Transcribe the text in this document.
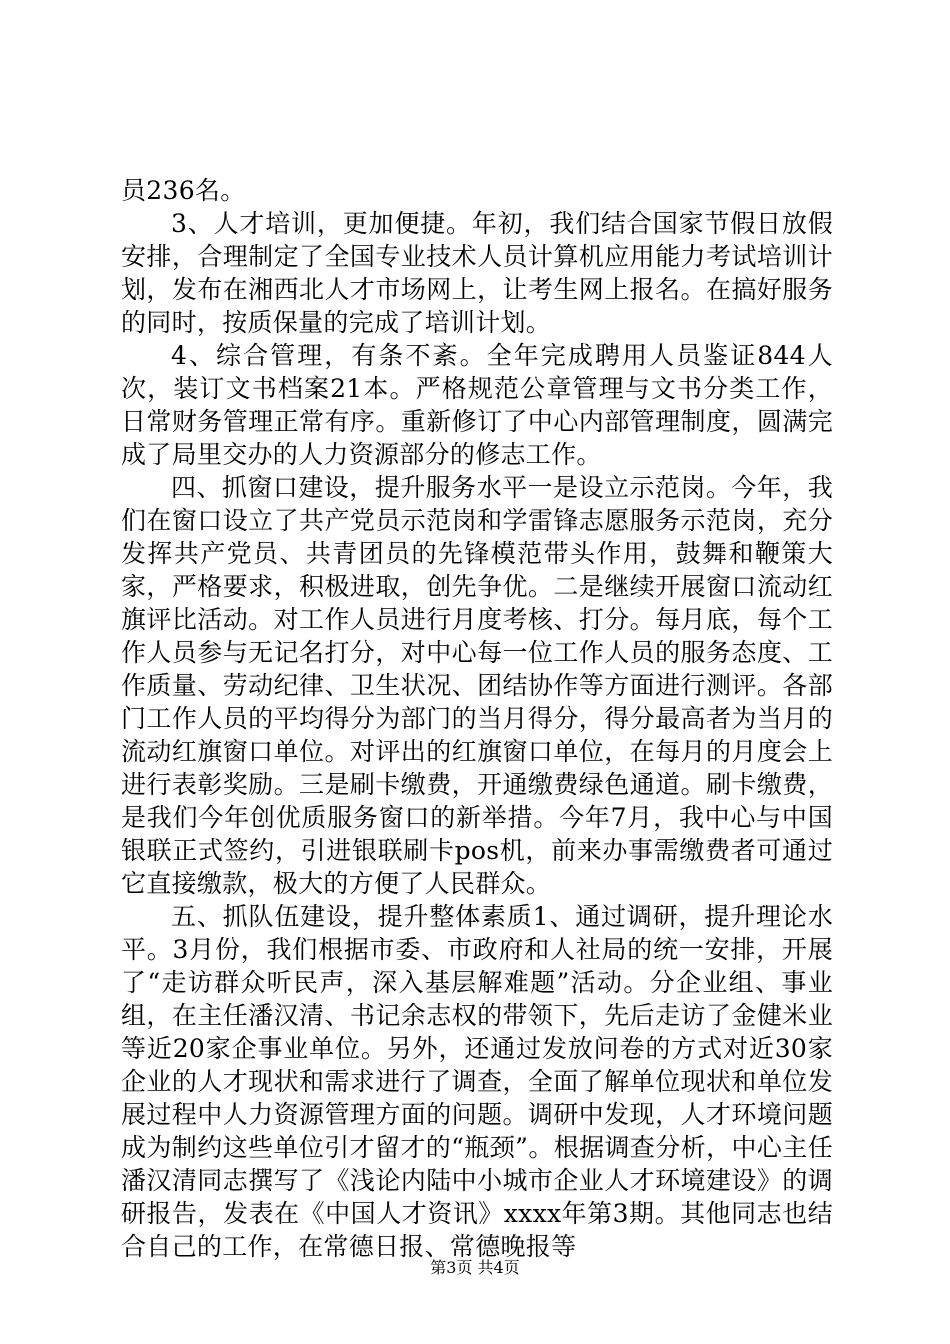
员236名。

3、人才培训，更加便捷。年初，我们结合国家节假日放假安排，合理制定了全国专业技术人员计算机应用能力考试培训计划，发布在湘西北人才市场网上，让考生网上报名。在搞好服务的同时，按质保量的完成了培训计划。

4、综合管理，有条不紊。全年完成聘用人员鉴证844人次，装订文书档案21本。严格规范公章管理与文书分类工作，日常财务管理正常有序。重新修订了中心内部管理制度，圆满完成了局里交办的人力资源部分的修志工作。

四、抓窗口建设，提升服务水平一是设立示范岗。今年，我们在窗口设立了共产党员示范岗和学雷锋志愿服务示范岗，充分发挥共产党员、共青团员的先锋模范带头作用，鼓舞和鞭策大家，严格要求，积极进取，创先争优。二是继续开展窗口流动红旗评比活动。对工作人员进行月度考核、打分。每月底，每个工作人员参与无记名打分，对中心每一位工作人员的服务态度、工作质量、劳动纪律、卫生状况、团结协作等方面进行测评。各部门工作人员的平均得分为部门的当月得分，得分最高者为当月的流动红旗窗口单位。对评出的红旗窗口单位，在每月的月度会上进行表彰奖励。三是刷卡缴费，开通缴费绿色通道。刷卡缴费，是我们今年创优质服务窗口的新举措。今年7月，我中心与中国银联正式签约，引进银联刷卡pos机，前来办事需缴费者可通过它直接缴款，极大的方便了人民群众。

五、抓队伍建设，提升整体素质1、通过调研，提升理论水平。3月份，我们根据市委、市政府和人社局的统一安排，开展了“走访群众听民声，深入基层解难题”活动。分企业组、事业组，在主任潘汉清、书记余志权的带领下，先后走访了金健米业等近20家企事业单位。另外，还通过发放问卷的方式对近30家企业的人才现状和需求进行了调查，全面了解单位现状和单位发展过程中人力资源管理方面的问题。调研中发现，人才环境问题成为制约这些单位引才留才的“瓶颈”。根据调查分析，中心主任潘汉清同志撰写了《浅论内陆中小城市企业人才环境建设》的调研报告，发表在《中国人才资讯》xxxx年第3期。其他同志也结合自己的工作，在常德日报、常德晚报等

第3页 共4页
